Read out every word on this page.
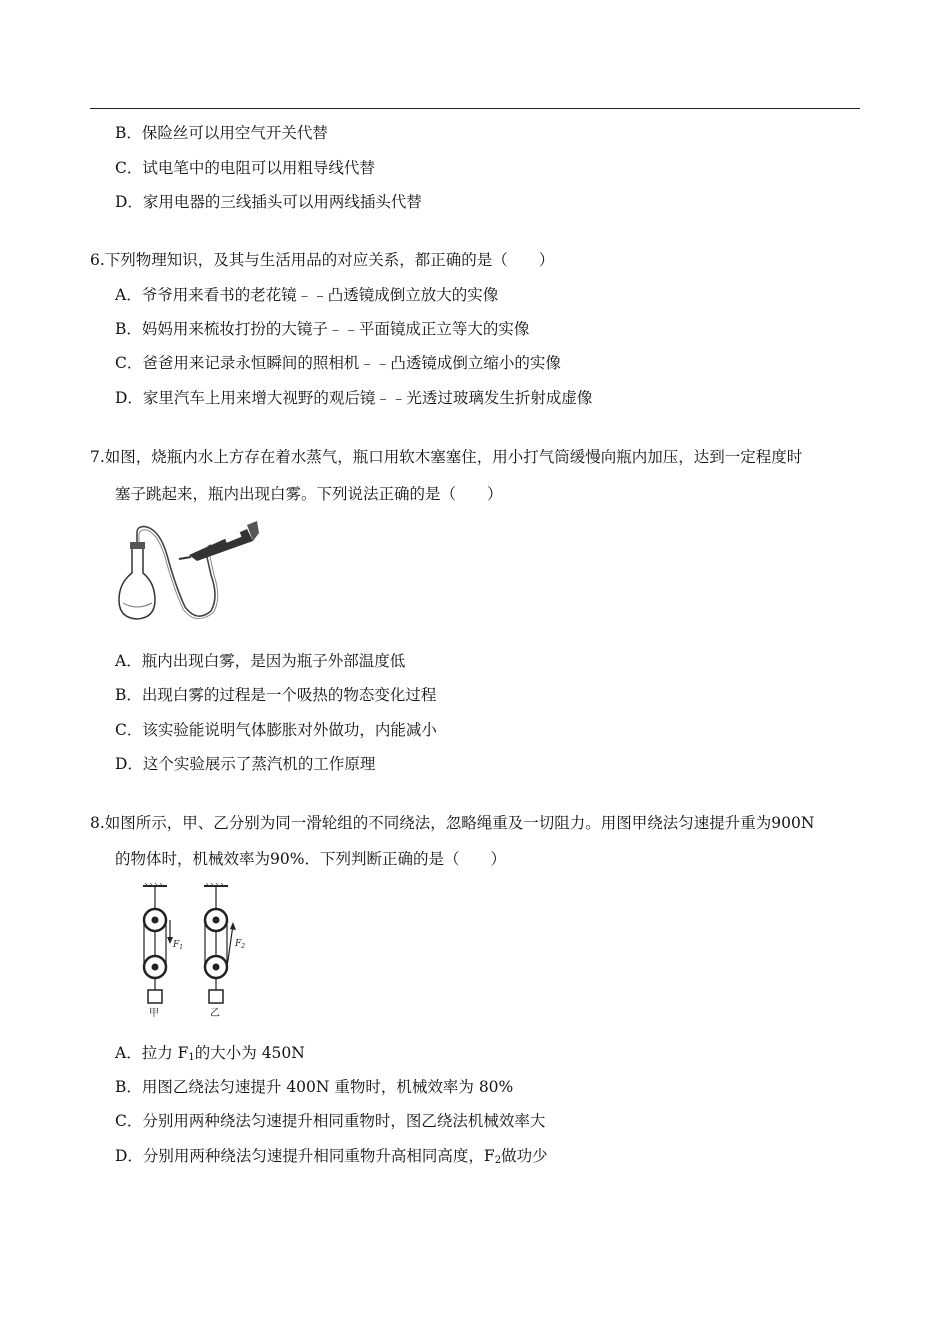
B．保险丝可以用空气开关代替
C．试电笔中的电阻可以用粗导线代替
D．家用电器的三线插头可以用两线插头代替
6.下列物理知识，及其与生活用品的对应关系，都正确的是（　　）
A．爷爷用来看书的老花镜﹣﹣凸透镜成倒立放大的实像
B．妈妈用来梳妆打扮的大镜子﹣﹣平面镜成正立等大的实像
C．爸爸用来记录永恒瞬间的照相机﹣﹣凸透镜成倒立缩小的实像
D．家里汽车上用来增大视野的观后镜﹣﹣光透过玻璃发生折射成虚像
7.如图，烧瓶内水上方存在着水蒸气，瓶口用软木塞塞住，用小打气筒缓慢向瓶内加压，达到一定程度时
塞子跳起来，瓶内出现白雾。下列说法正确的是（　　）
A．瓶内出现白雾，是因为瓶子外部温度低
B．出现白雾的过程是一个吸热的物态变化过程
C．该实验能说明气体膨胀对外做功，内能减小
D．这个实验展示了蒸汽机的工作原理
8.如图所示，甲、乙分别为同一滑轮组的不同绕法，忽略绳重及一切阻力。用图甲绕法匀速提升重为900N
的物体时，机械效率为90%．下列判断正确的是（　　）
$F_1$	$F_2$
甲	乙
A．拉力 $F_1$的大小为 450N
B．用图乙绕法匀速提升 400N 重物时，机械效率为 80%
C．分别用两种绕法匀速提升相同重物时，图乙绕法机械效率大
D．分别用两种绕法匀速提升相同重物升高相同高度，$F_2$做功少
